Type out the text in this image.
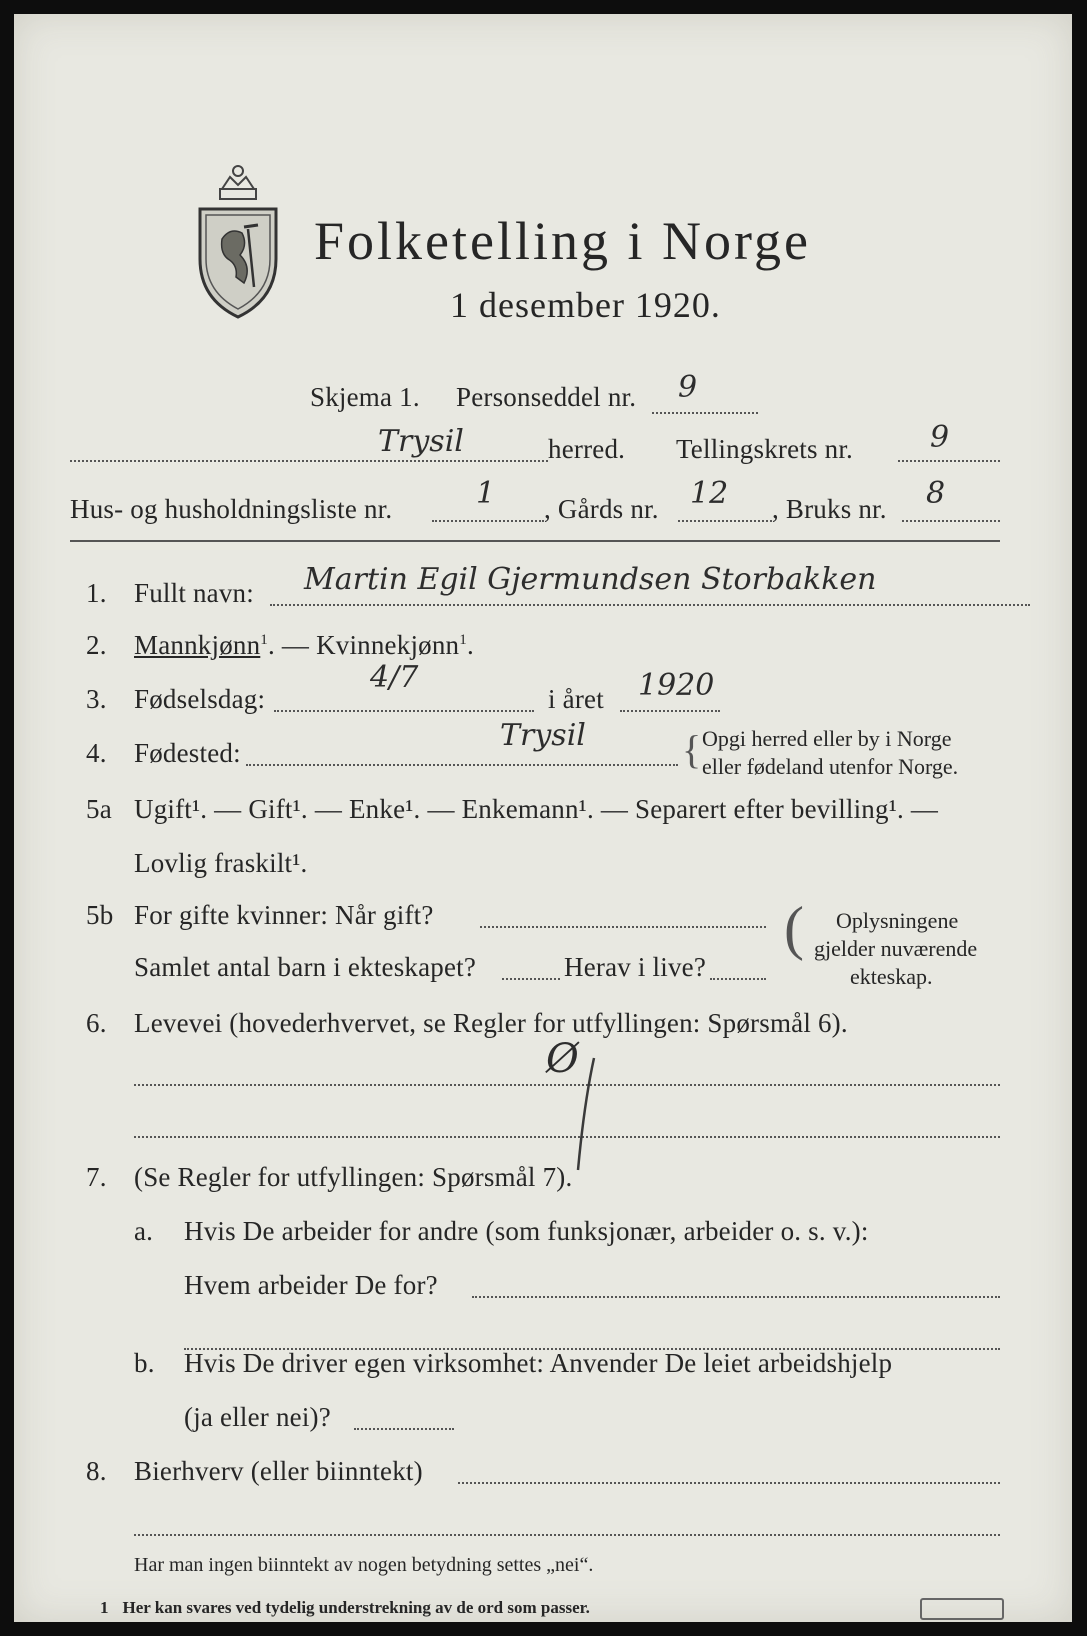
Folketelling i Norge
1 desember 1920.
Skjema 1. Personseddel nr. 9
Trysil	herred. Tellingskrets nr.	9
Hus- og husholdningsliste nr.	1 , Gårds nr. 12 , Bruks nr. 8
1. Fullt navn: Martin Egil Gjermundsen Storbakken
2. Mannkjønn$^1$. — Kvinnekjønn$^1$.
3. Fødselsdag:
4/7
i året 1920
4. Fødested:	Trysil { Opgi herred eller by i Norge
eller fødeland utenfor Norge.
5a Ugift¹. — Gift¹. — Enke¹. — Enkemann¹. — Separert efter bevilling¹. —
Lovlig fraskilt¹.
5b For gifte kvinner: Når gift?
Samlet antal barn i ekteskapet?	Herav i live?
( Oplysningene
gjelder nuværende
ekteskap.
6. Levevei (hovederhvervet, se Regler for utfyllingen: Spørsmål 6).
Ø
7. (Se Regler for utfyllingen: Spørsmål 7).
a. Hvis De arbeider for andre (som funksjonær, arbeider o. s. v.):
Hvem arbeider De for?
b. Hvis De driver egen virksomhet: Anvender De leiet arbeidshjelp
(ja eller nei)?
8. Bierhverv (eller biinntekt)
Har man ingen biinntekt av nogen betydning settes „nei“.
1 Her kan svares ved tydelig understrekning av de ord som passer.
